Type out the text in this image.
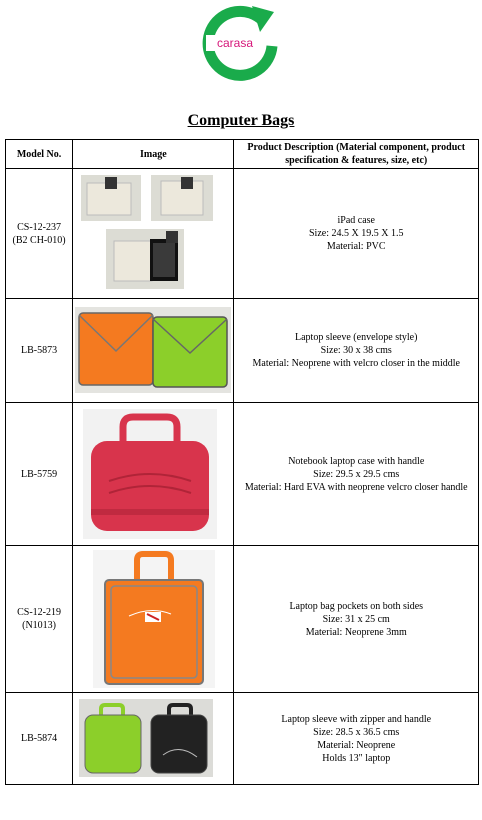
carasa
Computer Bags
Model No.	Image	Product Description (Material component, product specification & features, size, etc)

CS-12-237
(B2 CH-010)		iPad case
Size: 24.5 X 19.5 X 1.5
Material: PVC

LB-5873		Laptop sleeve (envelope style)
Size: 30 x 38 cms
Material: Neoprene with velcro closer in the middle

LB-5759		Notebook laptop case with handle
Size: 29.5 x 29.5 cms
Material: Hard EVA with neoprene velcro closer handle

CS-12-219
(N1013)		Laptop bag pockets on both sides
Size: 31 x 25 cm
Material: Neoprene 3mm

LB-5874		Laptop sleeve with zipper and handle
Size: 28.5 x 36.5 cms
Material: Neoprene
Holds 13" laptop
